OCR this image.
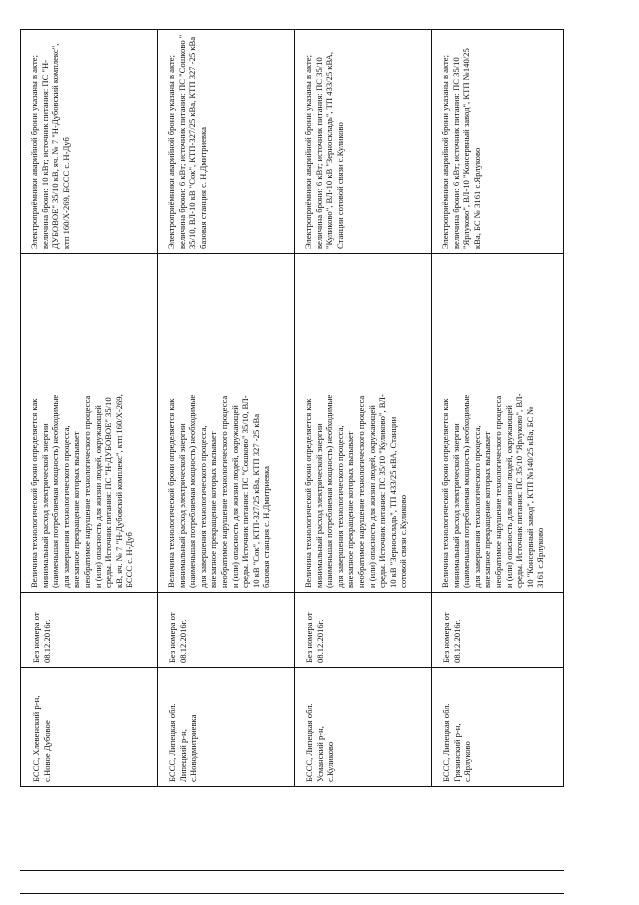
БССС, Хлевенский р-н,
с.Новое Дубовое
Без номера от
08.12.2016г.
Величина технологической брони определяется как
минимальный расход электрической энергии
(наименьшая потребляемая мощность) необходимые
для завершения технологического процесса,
внезапное прекращение которых вызывает
необратимое нарушение технологического процесса
и (или) опасность для жизни людей, окружающей
среды. Источник питания: ПС "Н-ДУБОВОЕ" 35/10
кВ, яч. № 7 "Н-Дубовский комплекс", ктп 160/Х-269,
БССС с. Н-Дуб
Электроприёмники аварийной брони указаны в акте;
величина брони: 10 кВт; источник питания: ПС "Н-
ДУБОВОЕ" 35/10 кВ, яч. № 7 "Н-Дубовский комплекс",
ктп 160/Х-269, БССС с. Н-Дуб
БССС, Липецкая обл.
Липецкий р-н,
с.Новодмитриевка
Без номера от
08.12.2016г.
Величина технологической брони определяется как
минимальный расход электрической энергии
(наименьшая потребляемая мощность) необходимые
для завершения технологического процесса,
внезапное прекращение которых вызывает
необратимое нарушение технологического процесса
и (или) опасность для жизни людей, окружающей
среды. Источник питания: ПС "Сошково" 35/10, ВЛ-
10 кВ "Сок", КТП-327/25 кВа, КТП 327 -25 кВа
базовая станция с. Н.Дмитриевка
Электроприёмники аварийной брони указаны в акте;
величина брони: 6 кВт; источник питания: ПС "Сошково "
35/10, ВЛ-10 кВ "Сок", КТП-327/25 кВа, КТП 327 -25 кВа
базовая станция с. Н.Дмитриевка
БССС, Липецкая обл.
Усманский р-н,
с.Куликово
Без номера от
08.12.2016г.
Величина технологической брони определяется как
минимальный расход электрической энергии
(наименьшая потребляемая мощность) необходимые
для завершения технологического процесса,
внезапное прекращение которых вызывает
необратимое нарушение технологического процесса
и (или) опасность для жизни людей, окружающей
среды. Источник питания: ПС 35/10 "Куликово", ВЛ-
10 кВ "Зерноскладь", ТП 433/25 кВА, Станции
сотовой связи с.Куликово
Электроприёмники аварийной брони указаны в акте;
величина брони: 6 кВт; источник питания: ПС 35/10
"Куликово", ВЛ-10 кВ "Зерноскладь", ТП 433/25 кВА,
Станции сотовой связи с.Куликово
БССС, Липецкая обл.
Грязинский р-н,
с.Ярлуково
Без номера от
08.12.2016г.
Величина технологической брони определяется как
минимальный расход электрической энергии
(наименьшая потребляемая мощность) необходимые
для завершения технологического процесса,
внезапное прекращение которых вызывает
необратимое нарушение технологического процесса
и (или) опасность для жизни людей, окружающей
среды. Источник питания: ПС 35/10 "Ярлуково", ВЛ-
10 "Консервный завод", КТП №140/25 кВа, БС №
3161 с.Ярлуково
Электроприёмники аварийной брони указаны в акте;
величина брони: 6 кВт; источник питания: ПС 35/10
"Ярлуково", ВЛ-10 "Консервный завод", КТП №140/25
кВа, БС № 3161 с.Ярлуково
